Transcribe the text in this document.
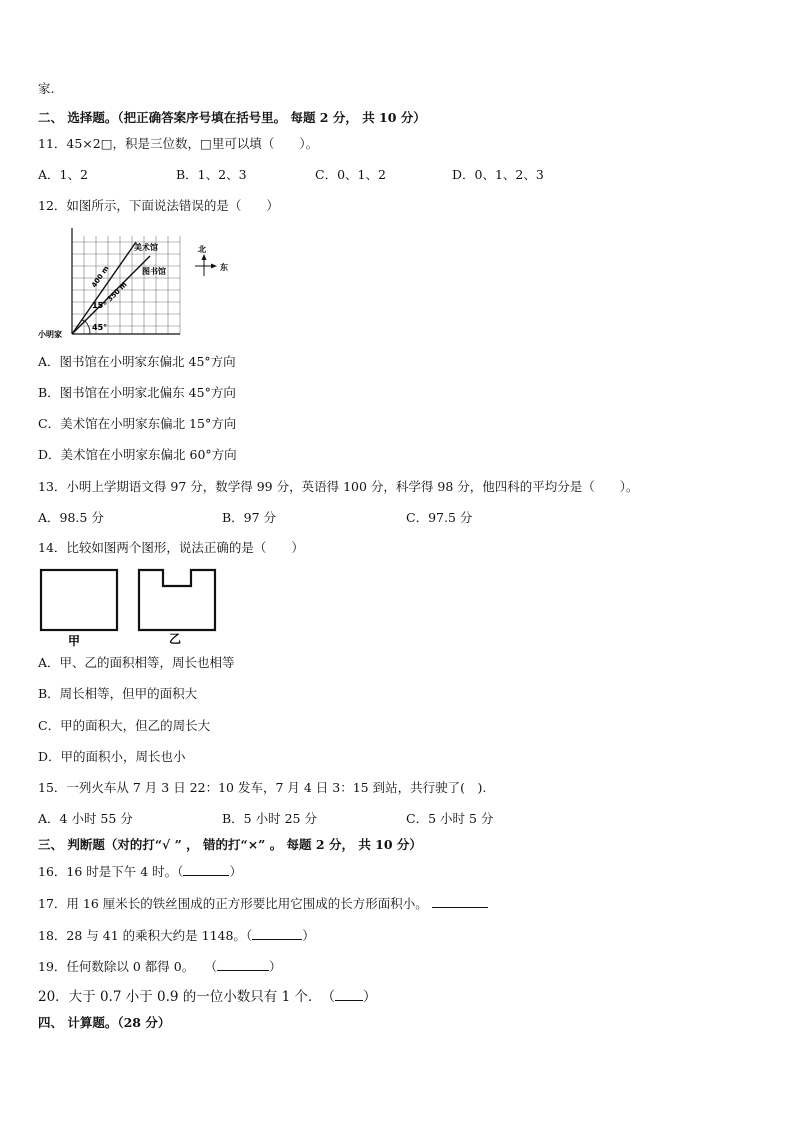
家.
二、 选择题。（把正确答案序号填在括号里。 每题 2 分， 共 10 分）
11．45×2□，积是三位数，□里可以填（　　）。
A．1、2	B．1、2、3	C．0、1、2	D．0、1、2、3
12．如图所示，下面说法错误的是（　　）
美术馆
图书馆
小明家
400 m
350 m
15°
45°
北
东
A．图书馆在小明家东偏北 45°方向
B．图书馆在小明家北偏东 45°方向
C．美术馆在小明家东偏北 15°方向
D．美术馆在小明家东偏北 60°方向
13．小明上学期语文得 97 分，数学得 99 分，英语得 100 分，科学得 98 分，他四科的平均分是（　　）。
A．98.5 分	B．97 分	C．97.5 分
14．比较如图两个图形，说法正确的是（　　）
甲	乙
A．甲、乙的面积相等，周长也相等
B．周长相等，但甲的面积大
C．甲的面积大，但乙的周长大
D．甲的面积小，周长也小
15．一列火车从 7 月 3 日 22：10 发车，7 月 4 日 3：15 到站，共行驶了(　).
A．4 小时 55 分	B．5 小时 25 分	C．5 小时 5 分
三、 判断题（对的打“√ ” ， 错的打“×” 。 每题 2 分， 共 10 分）
16．16 时是下午 4 时。（	）
17．用 16 厘米长的铁丝围成的正方形要比用它围成的长方形面积小。
18．28 与 41 的乘积大约是 1148。（	）
19．任何数除以 0 都得 0。　 （	）
20．大于 0.7 小于 0.9 的一位小数只有 1 个．　（ ）
四、 计算题。（28 分）
